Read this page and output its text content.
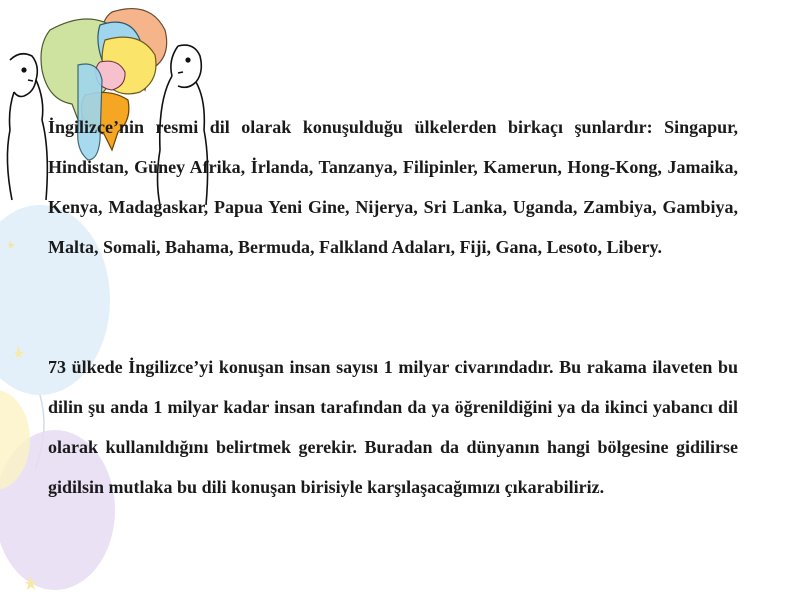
İngilizce’nin resmi dil olarak konuşulduğu ülkelerden birkaçı şunlardır: Singapur, Hindistan, Güney Afrika, İrlanda, Tanzanya, Filipinler, Kamerun, Hong-Kong, Jamaika, Kenya, Madagaskar, Papua Yeni Gine, Nijerya, Sri Lanka, Uganda, Zambiya, Gambiya, Malta, Somali, Bahama, Bermuda, Falkland Adaları, Fiji, Gana, Lesoto, Libery.

73 ülkede İngilizce’yi konuşan insan sayısı 1 milyar civarındadır. Bu rakama ilaveten bu dilin şu anda 1 milyar kadar insan tarafından da ya öğrenildiğini ya da ikinci yabancı dil olarak kullanıldığını belirtmek gerekir. Buradan da dünyanın hangi bölgesine gidilirse gidilsin mutlaka bu dili konuşan birisiyle karşılaşacağımızı çıkarabiliriz.
